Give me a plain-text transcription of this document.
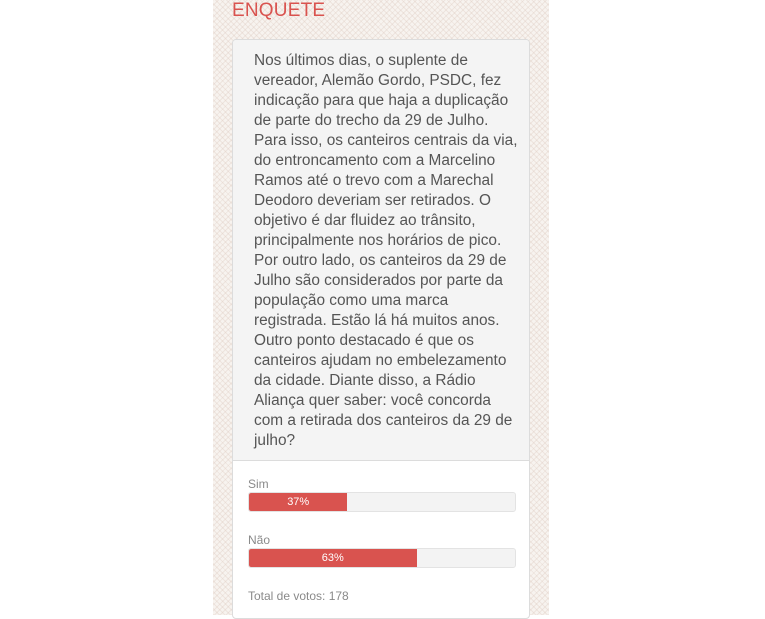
ENQUETE
Nos últimos dias, o suplente de vereador, Alemão Gordo, PSDC, fez indicação para que haja a duplicação de parte do trecho da 29 de Julho. Para isso, os canteiros centrais da via, do entroncamento com a Marcelino Ramos até o trevo com a Marechal Deodoro deveriam ser retirados. O objetivo é dar fluidez ao trânsito, principalmente nos horários de pico. Por outro lado, os canteiros da 29 de Julho são considerados por parte da população como uma marca registrada. Estão lá há muitos anos. Outro ponto destacado é que os canteiros ajudam no embelezamento da cidade. Diante disso, a Rádio Aliança quer saber: você concorda com a retirada dos canteiros da 29 de julho?
Sim
37%
Não
63%
Total de votos: 178
